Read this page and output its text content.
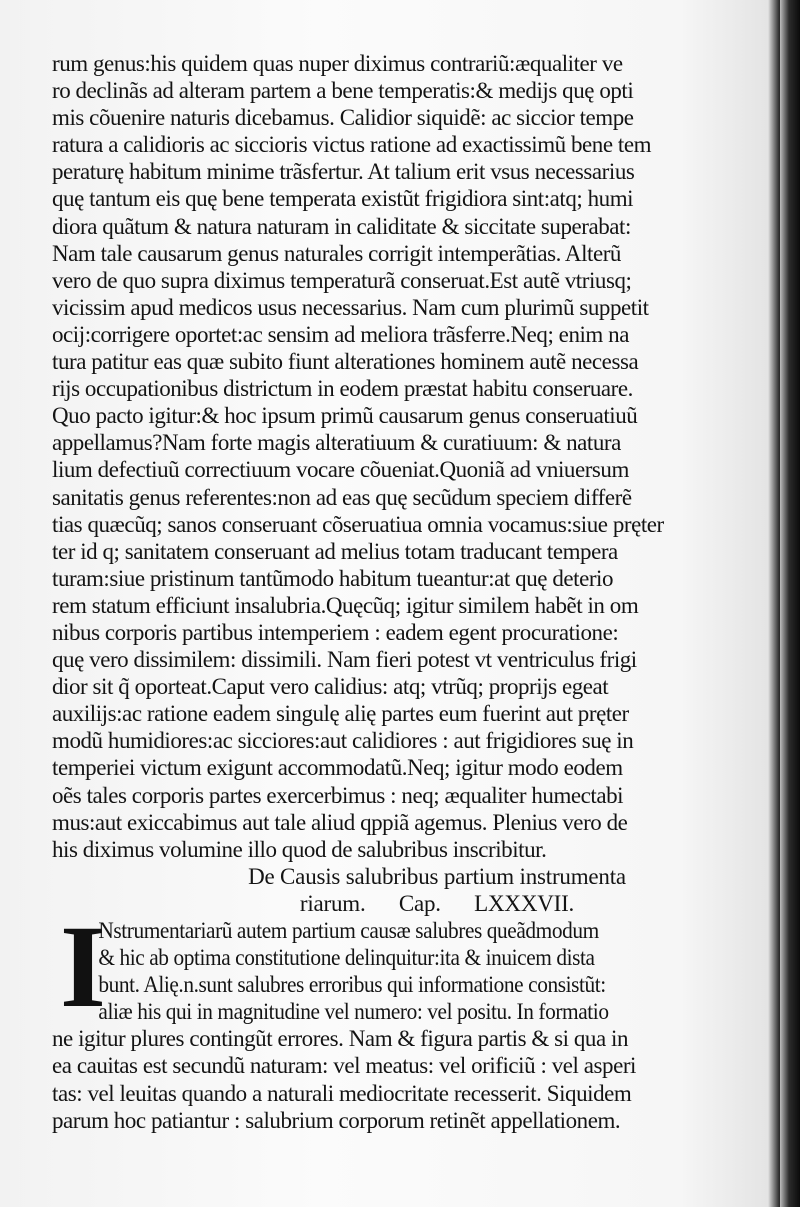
rum genus:his quidem quas nuper diximus contrariũ:æqualiter ve
ro declinãs ad alteram partem a bene temperatis:& medijs quę opti
mis cõuenire naturis dicebamus. Calidior siquidẽ: ac siccior tempe
ratura a calidioris ac siccioris victus ratione ad exactissimũ bene tem
peraturę habitum minime trãsfertur. At talium erit vsus necessarius
quę tantum eis quę bene temperata existũt frigidiora sint:atq; humi
diora quãtum & natura naturam in caliditate & siccitate superabat:
Nam tale causarum genus naturales corrigit intemperãtias. Alterũ
vero de quo supra diximus temperaturã conseruat.Est autẽ vtriusq;
vicissim apud medicos usus necessarius. Nam cum plurimũ suppetit
ocij:corrigere oportet:ac sensim ad meliora trãsferre.Neq; enim na
tura patitur eas quæ subito fiunt alterationes hominem autẽ necessa
rijs occupationibus districtum in eodem præstat habitu conseruare.
Quo pacto igitur:& hoc ipsum primũ causarum genus conseruatiuũ
appellamus?Nam forte magis alteratiuum & curatiuum: & natura
lium defectiuũ correctiuum vocare cõueniat.Quoniã ad vniuersum
sanitatis genus referentes:non ad eas quę secũdum speciem differẽ
tias quæcũq; sanos conseruant cõseruatiua omnia vocamus:siue pręter
ter id q; sanitatem conseruant ad melius totam traducant tempera
turam:siue pristinum tantũmodo habitum tueantur:at quę deterio
rem statum efficiunt insalubria.Quęcũq; igitur similem habẽt in om
nibus corporis partibus intemperiem : eadem egent procuratione:
quę vero dissimilem: dissimili. Nam fieri potest vt ventriculus frigi
dior sit q̃ oporteat.Caput vero calidius: atq; vtrũq; proprijs egeat
auxilijs:ac ratione eadem singulę alię partes eum fuerint aut pręter
modũ humidiores:ac sicciores:aut calidiores : aut frigidiores suę in
temperiei victum exigunt accommodatũ.Neq; igitur modo eodem
oẽs tales corporis partes exercerbimus : neq; æqualiter humectabi
mus:aut exiccabimus aut tale aliud qppiã agemus. Plenius vero de
his diximus volumine illo quod de salubribus inscribitur.
De Causis salubribus partium instrumenta
riarum.      Cap.      LXXXVII.
I
Nstrumentariarũ autem partium causæ salubres queãdmodum
& hic ab optima constitutione delinquitur:ita & inuicem dista
bunt. Alię.n.sunt salubres erroribus qui informatione consistũt:
aliæ his qui in magnitudine vel numero: vel positu. In formatio
ne igitur plures contingũt errores. Nam & figura partis & si qua in
ea cauitas est secundũ naturam: vel meatus: vel orificiũ : vel asperi
tas: vel leuitas quando a naturali mediocritate recesserit. Siquidem
parum hoc patiantur : salubrium corporum retinẽt appellationem.
